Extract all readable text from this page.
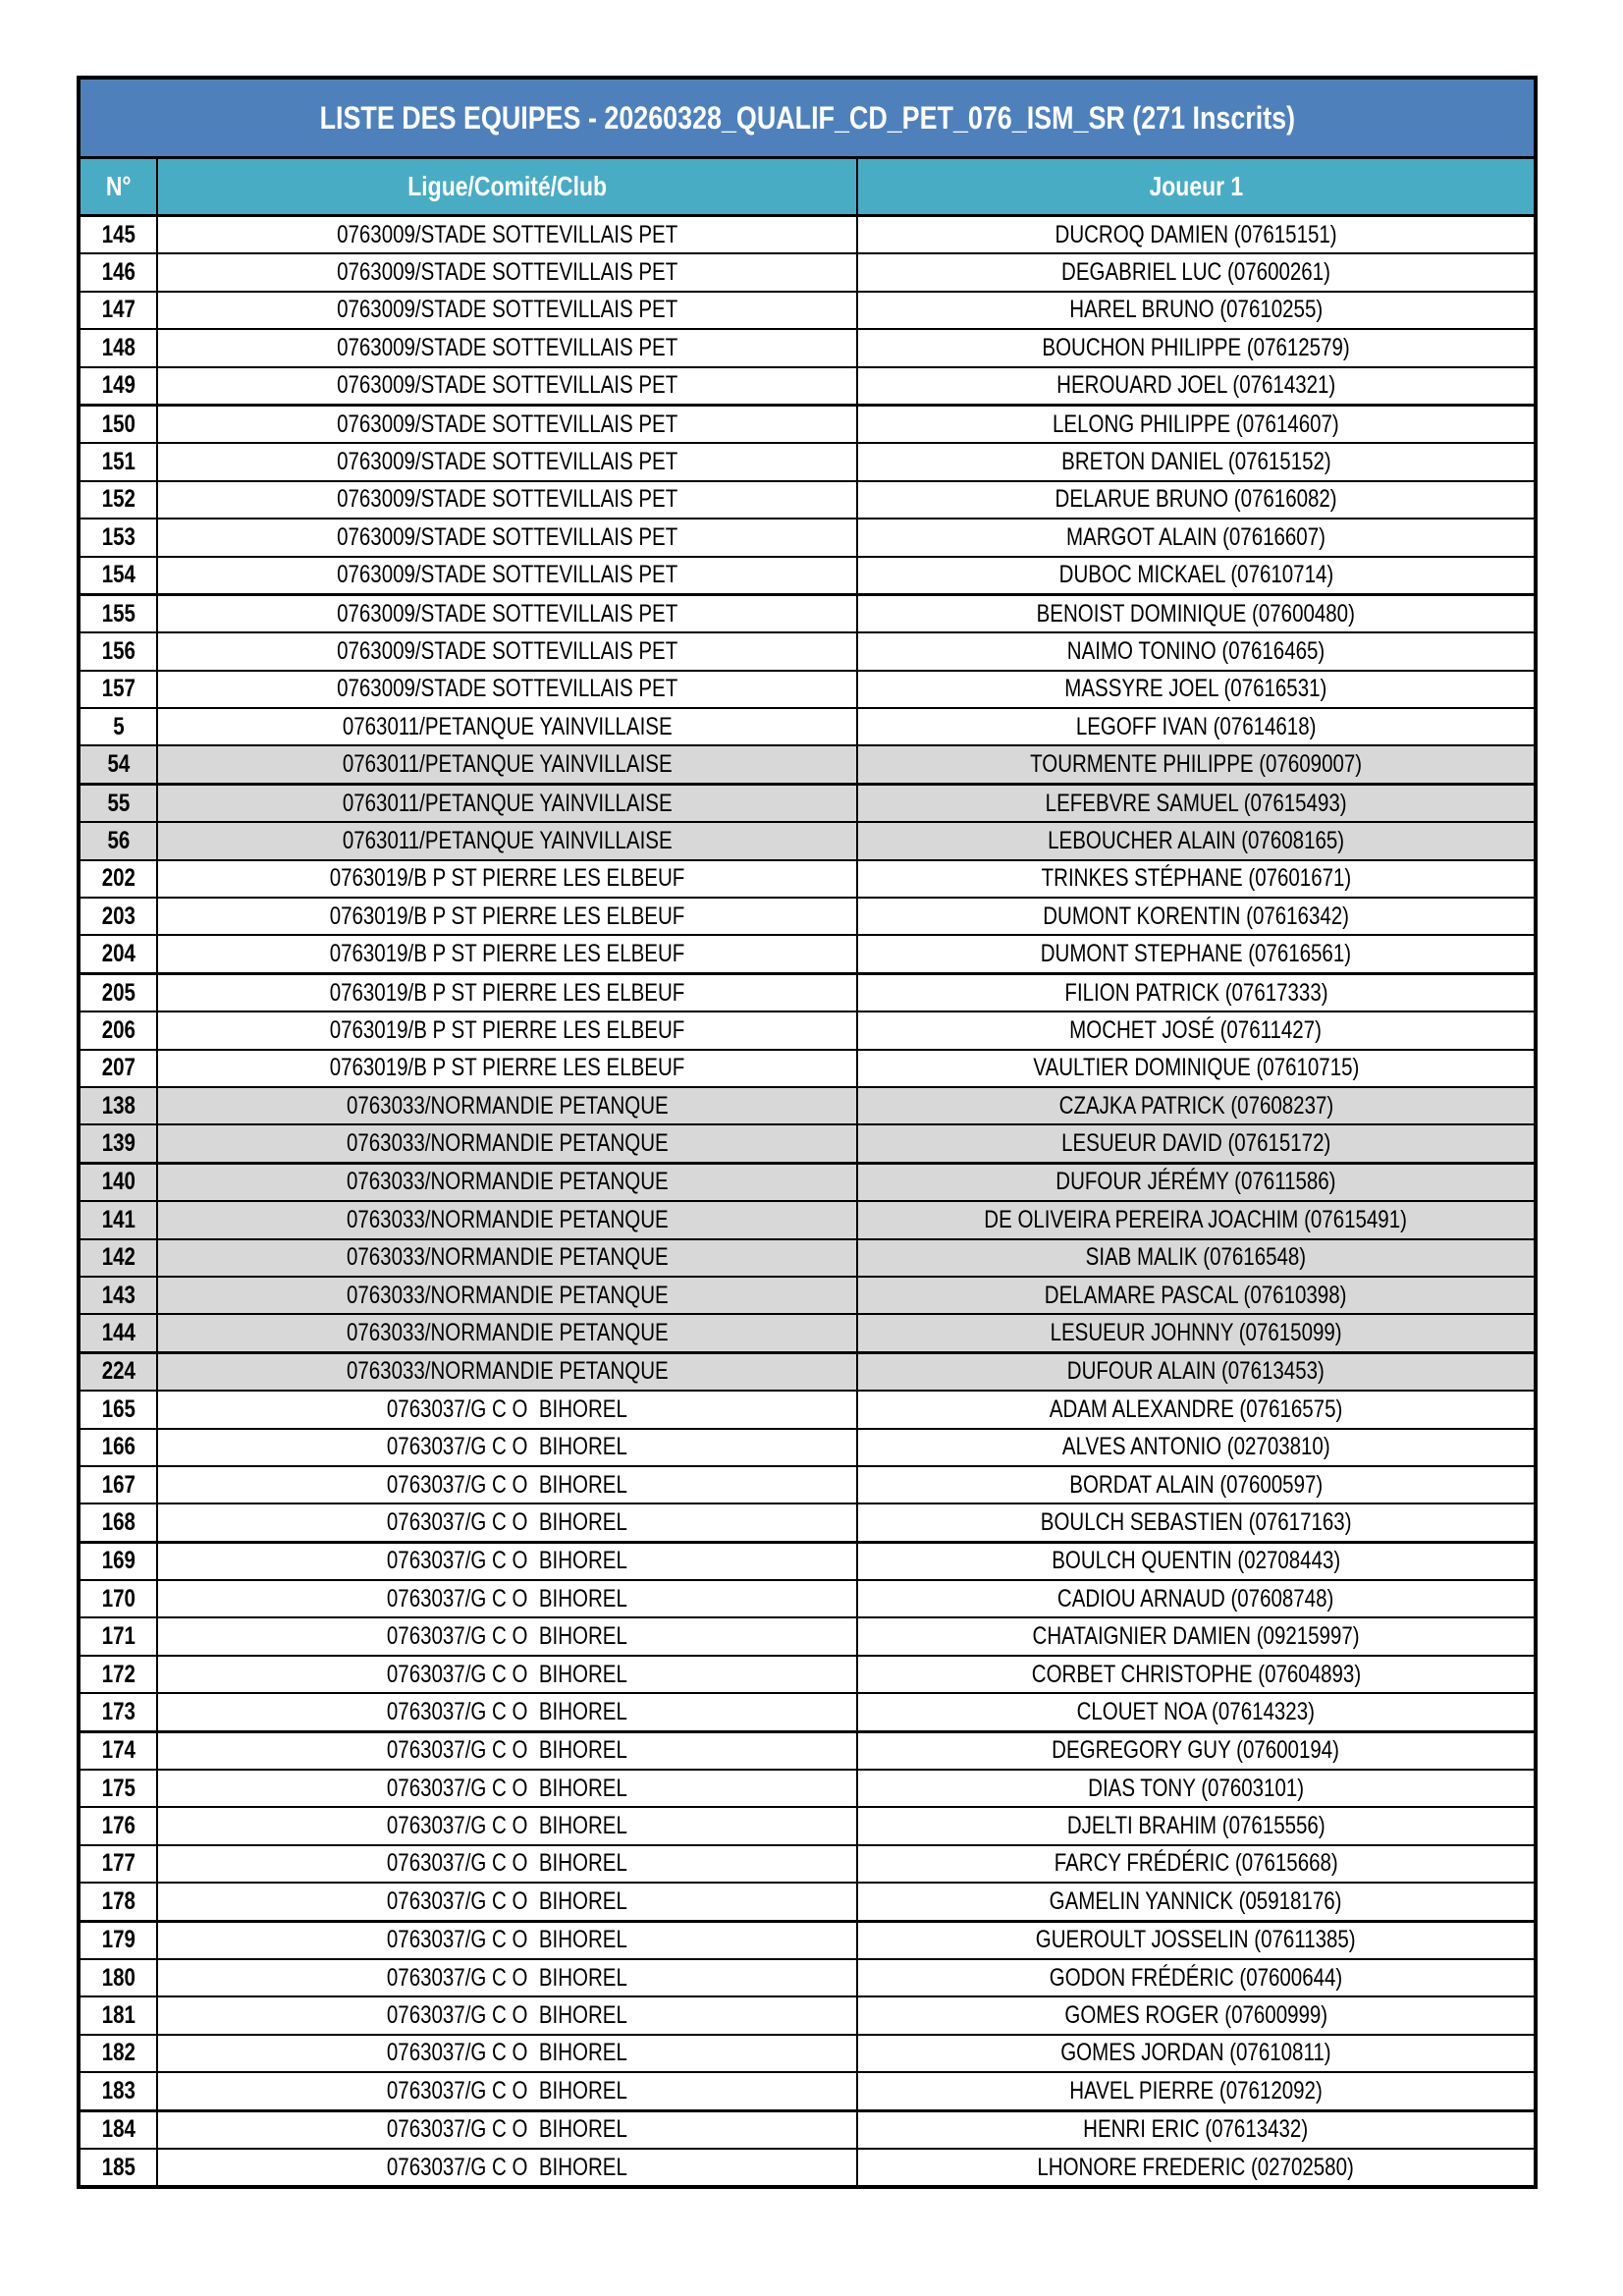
LISTE DES EQUIPES - 20260328_QUALIF_CD_PET_076_ISM_SR (271 Inscrits)		
N°	Ligue/Comité/Club	Joueur 1
145	0763009/STADE SOTTEVILLAIS PET	DUCROQ DAMIEN (07615151)
146	0763009/STADE SOTTEVILLAIS PET	DEGABRIEL LUC (07600261)
147	0763009/STADE SOTTEVILLAIS PET	HAREL BRUNO (07610255)
148	0763009/STADE SOTTEVILLAIS PET	BOUCHON PHILIPPE (07612579)
149	0763009/STADE SOTTEVILLAIS PET	HEROUARD JOEL (07614321)
150	0763009/STADE SOTTEVILLAIS PET	LELONG PHILIPPE (07614607)
151	0763009/STADE SOTTEVILLAIS PET	BRETON DANIEL (07615152)
152	0763009/STADE SOTTEVILLAIS PET	DELARUE BRUNO (07616082)
153	0763009/STADE SOTTEVILLAIS PET	MARGOT ALAIN (07616607)
154	0763009/STADE SOTTEVILLAIS PET	DUBOC MICKAEL (07610714)
155	0763009/STADE SOTTEVILLAIS PET	BENOIST DOMINIQUE (07600480)
156	0763009/STADE SOTTEVILLAIS PET	NAIMO TONINO (07616465)
157	0763009/STADE SOTTEVILLAIS PET	MASSYRE JOEL (07616531)
5	0763011/PETANQUE YAINVILLAISE	LEGOFF IVAN (07614618)
54	0763011/PETANQUE YAINVILLAISE	TOURMENTE PHILIPPE (07609007)
55	0763011/PETANQUE YAINVILLAISE	LEFEBVRE SAMUEL (07615493)
56	0763011/PETANQUE YAINVILLAISE	LEBOUCHER ALAIN (07608165)
202	0763019/B P ST PIERRE LES ELBEUF	TRINKES STÉPHANE (07601671)
203	0763019/B P ST PIERRE LES ELBEUF	DUMONT KORENTIN (07616342)
204	0763019/B P ST PIERRE LES ELBEUF	DUMONT STEPHANE (07616561)
205	0763019/B P ST PIERRE LES ELBEUF	FILION PATRICK (07617333)
206	0763019/B P ST PIERRE LES ELBEUF	MOCHET JOSÉ (07611427)
207	0763019/B P ST PIERRE LES ELBEUF	VAULTIER DOMINIQUE (07610715)
138	0763033/NORMANDIE PETANQUE	CZAJKA PATRICK (07608237)
139	0763033/NORMANDIE PETANQUE	LESUEUR DAVID (07615172)
140	0763033/NORMANDIE PETANQUE	DUFOUR JÉRÉMY (07611586)
141	0763033/NORMANDIE PETANQUE	DE OLIVEIRA PEREIRA JOACHIM (07615491)
142	0763033/NORMANDIE PETANQUE	SIAB MALIK (07616548)
143	0763033/NORMANDIE PETANQUE	DELAMARE PASCAL (07610398)
144	0763033/NORMANDIE PETANQUE	LESUEUR JOHNNY (07615099)
224	0763033/NORMANDIE PETANQUE	DUFOUR ALAIN (07613453)
165	0763037/G C O  BIHOREL	ADAM ALEXANDRE (07616575)
166	0763037/G C O  BIHOREL	ALVES ANTONIO (02703810)
167	0763037/G C O  BIHOREL	BORDAT ALAIN (07600597)
168	0763037/G C O  BIHOREL	BOULCH SEBASTIEN (07617163)
169	0763037/G C O  BIHOREL	BOULCH QUENTIN (02708443)
170	0763037/G C O  BIHOREL	CADIOU ARNAUD (07608748)
171	0763037/G C O  BIHOREL	CHATAIGNIER DAMIEN (09215997)
172	0763037/G C O  BIHOREL	CORBET CHRISTOPHE (07604893)
173	0763037/G C O  BIHOREL	CLOUET NOA (07614323)
174	0763037/G C O  BIHOREL	DEGREGORY GUY (07600194)
175	0763037/G C O  BIHOREL	DIAS TONY (07603101)
176	0763037/G C O  BIHOREL	DJELTI BRAHIM (07615556)
177	0763037/G C O  BIHOREL	FARCY FRÉDÉRIC (07615668)
178	0763037/G C O  BIHOREL	GAMELIN YANNICK (05918176)
179	0763037/G C O  BIHOREL	GUEROULT JOSSELIN (07611385)
180	0763037/G C O  BIHOREL	GODON FRÉDÉRIC (07600644)
181	0763037/G C O  BIHOREL	GOMES ROGER (07600999)
182	0763037/G C O  BIHOREL	GOMES JORDAN (07610811)
183	0763037/G C O  BIHOREL	HAVEL PIERRE (07612092)
184	0763037/G C O  BIHOREL	HENRI ERIC (07613432)
185	0763037/G C O  BIHOREL	LHONORE FREDERIC (02702580)
